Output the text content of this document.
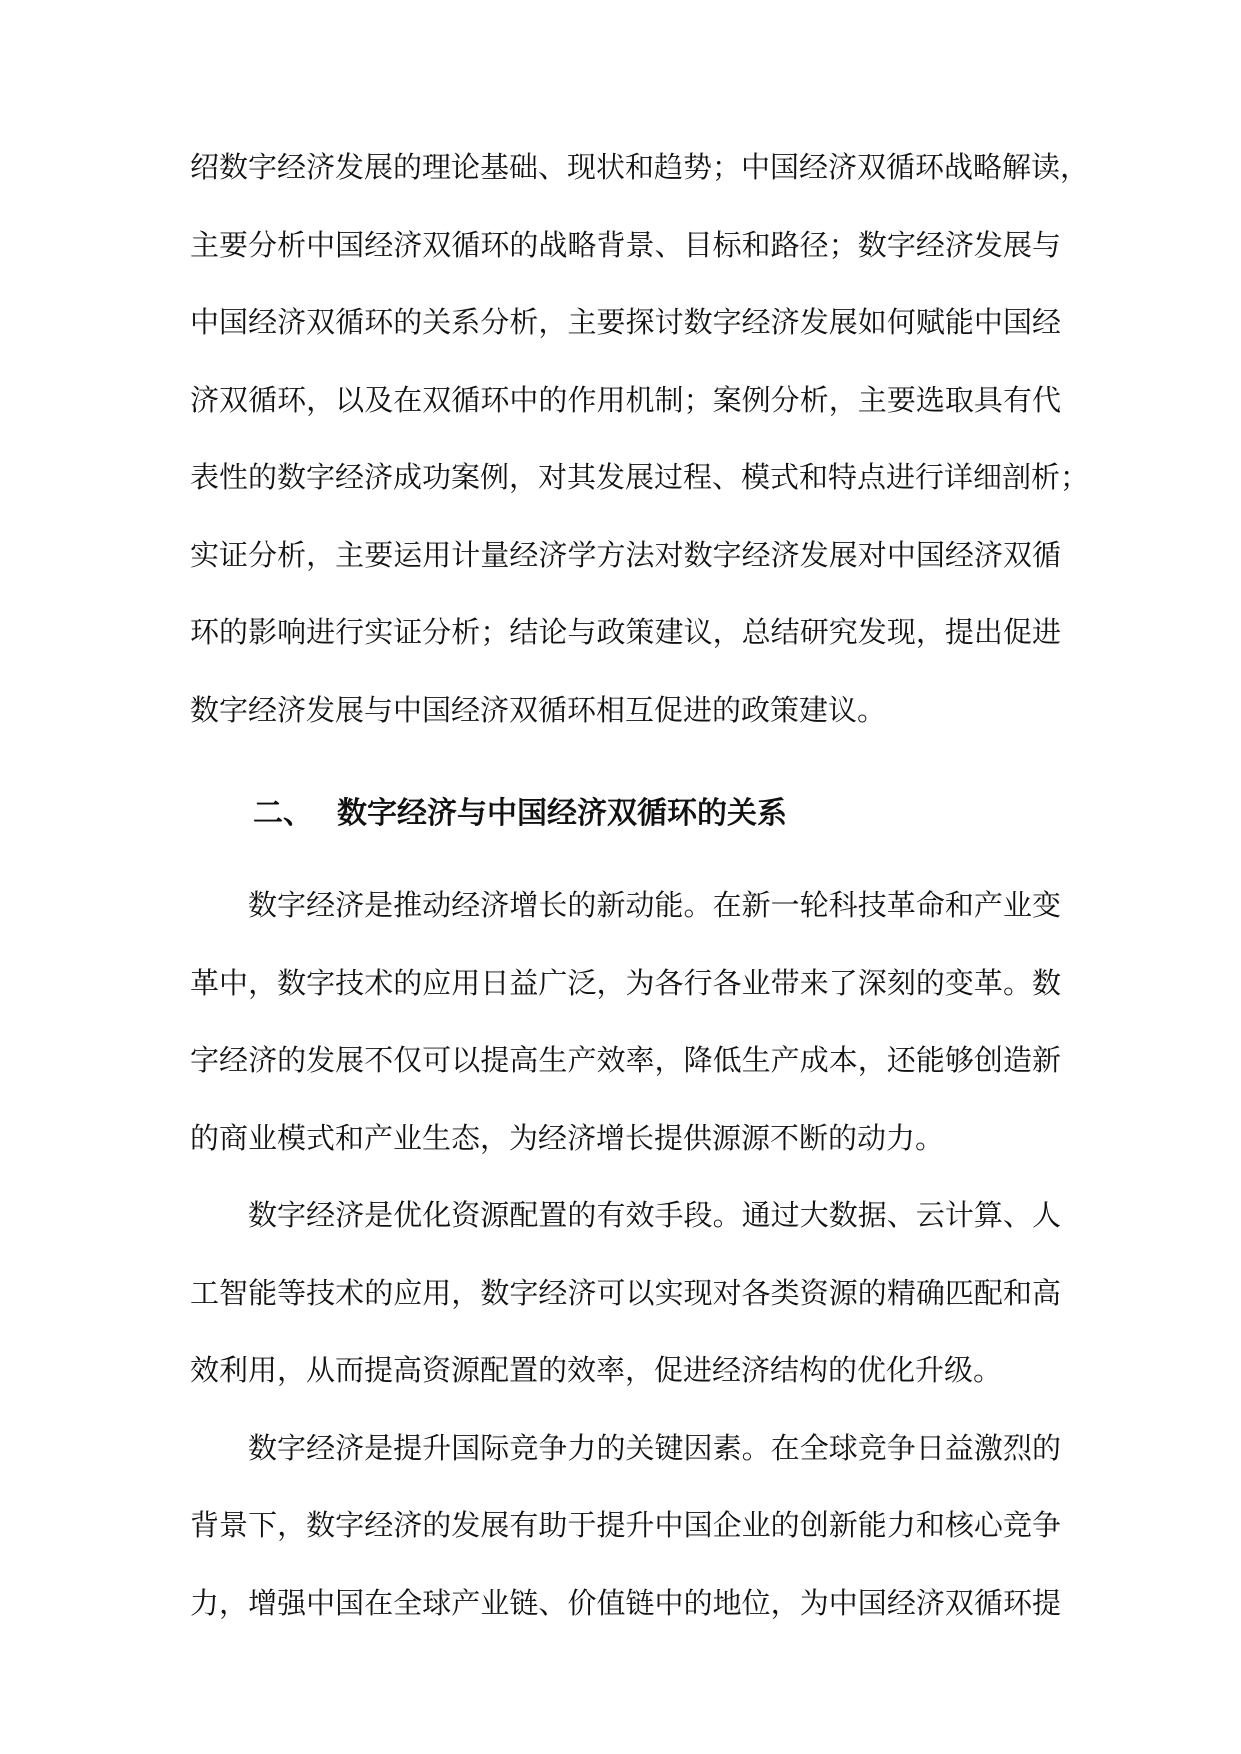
绍数字经济发展的理论基础、现状和趋势；中国经济双循环战略解读，
主要分析中国经济双循环的战略背景、目标和路径；数字经济发展与
中国经济双循环的关系分析，主要探讨数字经济发展如何赋能中国经
济双循环，以及在双循环中的作用机制；案例分析，主要选取具有代
表性的数字经济成功案例，对其发展过程、模式和特点进行详细剖析；
实证分析，主要运用计量经济学方法对数字经济发展对中国经济双循
环的影响进行实证分析；结论与政策建议，总结研究发现，提出促进
数字经济发展与中国经济双循环相互促进的政策建议。
二、 数字经济与中国经济双循环的关系
数字经济是推动经济增长的新动能。在新一轮科技革命和产业变
革中，数字技术的应用日益广泛，为各行各业带来了深刻的变革。数
字经济的发展不仅可以提高生产效率，降低生产成本，还能够创造新
的商业模式和产业生态，为经济增长提供源源不断的动力。
数字经济是优化资源配置的有效手段。通过大数据、云计算、人
工智能等技术的应用，数字经济可以实现对各类资源的精确匹配和高
效利用，从而提高资源配置的效率，促进经济结构的优化升级。
数字经济是提升国际竞争力的关键因素。在全球竞争日益激烈的
背景下，数字经济的发展有助于提升中国企业的创新能力和核心竞争
力，增强中国在全球产业链、价值链中的地位，为中国经济双循环提
